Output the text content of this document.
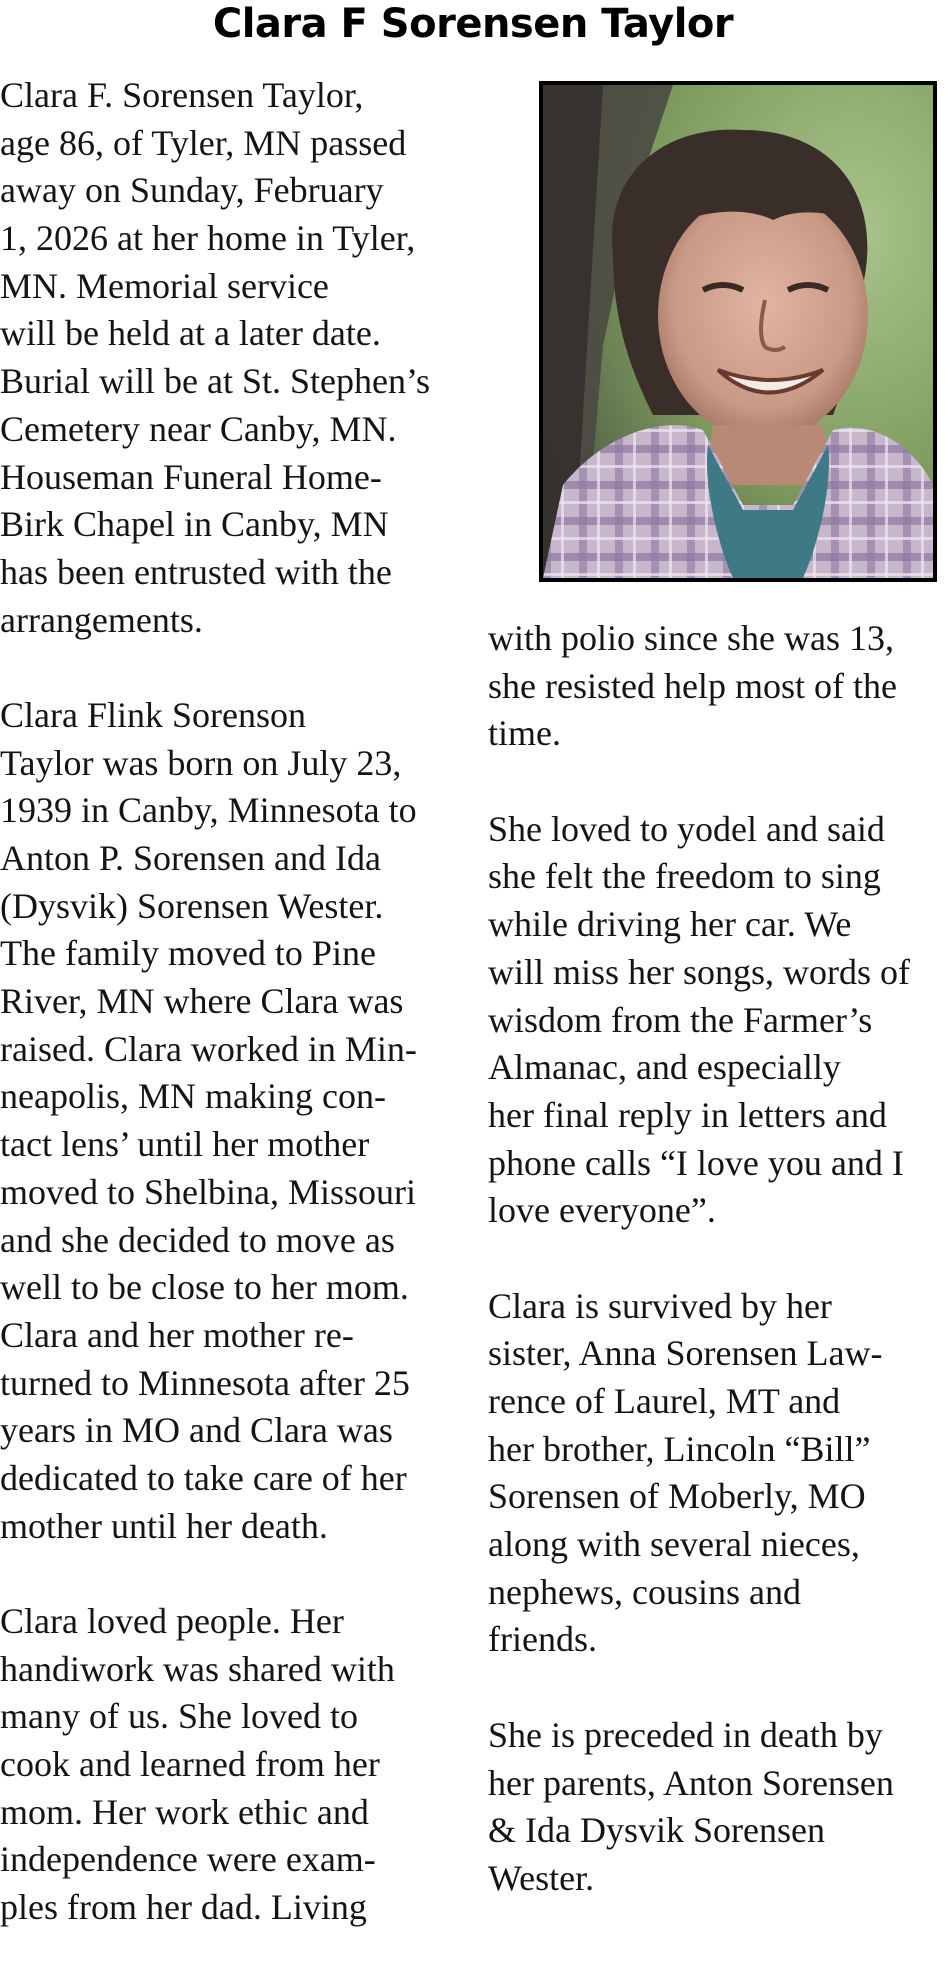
Clara F Sorensen Taylor
Clara F. Sorensen Taylor,
age 86, of Tyler, MN passed
away on Sunday, February
1, 2026 at her home in Tyler,
MN. Memorial service
will be held at a later date.
Burial will be at St. Stephen’s
Cemetery near Canby, MN.
Houseman Funeral Home-
Birk Chapel in Canby, MN
has been entrusted with the
arrangements.
Clara Flink Sorenson
Taylor was born on July 23,
1939 in Canby, Minnesota to
Anton P. Sorensen and Ida
(Dysvik) Sorensen Wester.
The family moved to Pine
River, MN where Clara was
raised. Clara worked in Min-
neapolis, MN making con-
tact lens’ until her mother
moved to Shelbina, Missouri
and she decided to move as
well to be close to her mom.
Clara and her mother re-
turned to Minnesota after 25
years in MO and Clara was
dedicated to take care of her
mother until her death.
Clara loved people. Her
handiwork was shared with
many of us. She loved to
cook and learned from her
mom. Her work ethic and
independence were exam-
ples from her dad. Living
with polio since she was 13,
she resisted help most of the
time.
She loved to yodel and said
she felt the freedom to sing
while driving her car. We
will miss her songs, words of
wisdom from the Farmer’s
Almanac, and especially
her final reply in letters and
phone calls “I love you and I
love everyone”.
Clara is survived by her
sister, Anna Sorensen Law-
rence of Laurel, MT and
her brother, Lincoln “Bill”
Sorensen of Moberly, MO
along with several nieces,
nephews, cousins and
friends.
She is preceded in death by
her parents, Anton Sorensen
& Ida Dysvik Sorensen
Wester.
